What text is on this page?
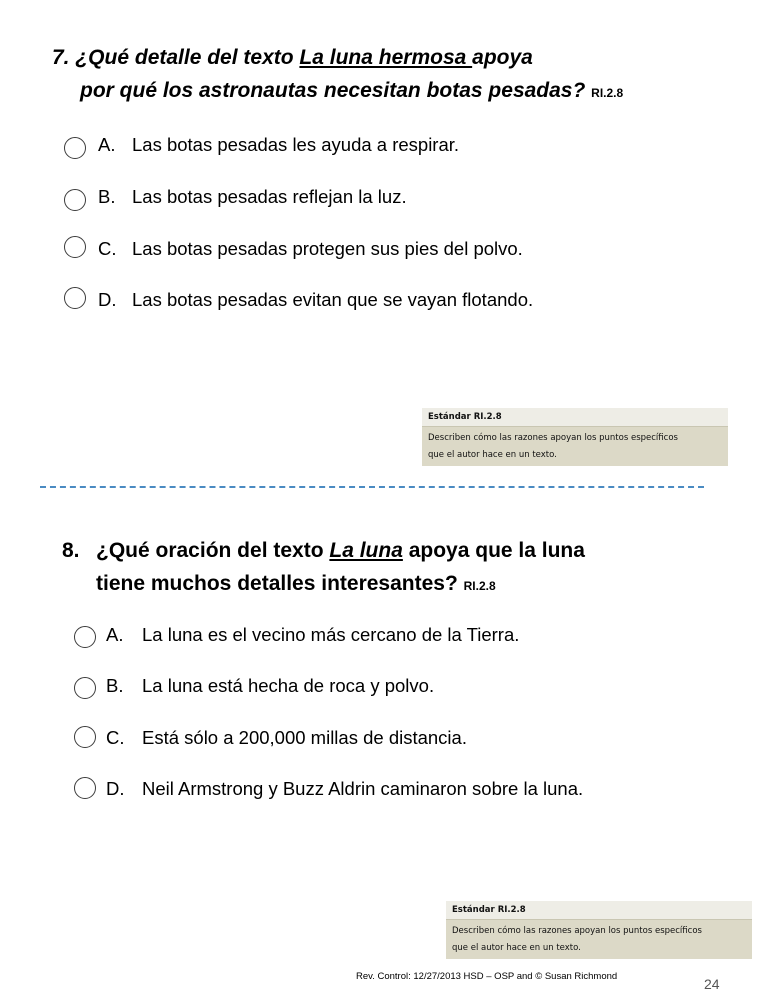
7. ¿Qué detalle del texto La luna hermosa apoya
por qué los astronautas necesitan botas pesadas? RI.2.8
A. Las botas pesadas les ayuda a respirar.
B. Las botas pesadas reflejan la luz.
C. Las botas pesadas protegen sus pies del polvo.
D. Las botas pesadas evitan que se vayan flotando.
Estándar RI.2.8
Describen cómo las razones apoyan los puntos específicos
que el autor hace en un texto.
8. ¿Qué oración del texto La luna apoya que la luna
tiene muchos detalles interesantes? RI.2.8
A. La luna es el vecino más cercano de la Tierra.
B. La luna está hecha de roca y polvo.
C. Está sólo a 200,000 millas de distancia.
D. Neil Armstrong y Buzz Aldrin caminaron sobre la luna.
Estándar RI.2.8
Describen cómo las razones apoyan los puntos específicos
que el autor hace en un texto.
Rev. Control: 12/27/2013 HSD – OSP and © Susan Richmond	24
